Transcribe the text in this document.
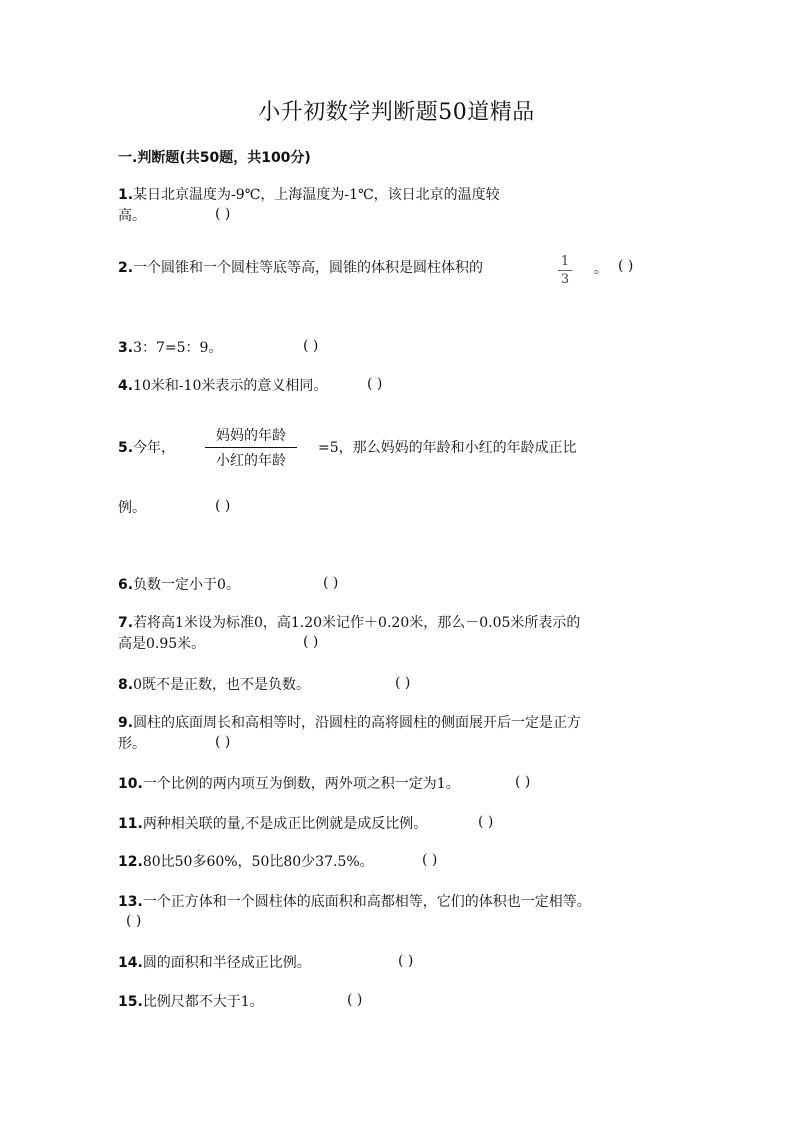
小升初数学判断题50道精品
一.判断题(共50题，共100分)
1.某日北京温度为-9℃，上海温度为-1℃，该日北京的温度较
高。	( )
2.一个圆锥和一个圆柱等底等高，圆锥的体积是圆柱体积的	1
3
。 ( )
3.3：7=5：9。	( )
4.10米和-10米表示的意义相同。	( )
5.今年，
妈妈的年龄
小红的年龄
=5，那么妈妈的年龄和小红的年龄成正比
例。	( )
6.负数一定小于0。	( )
7.若将高1米设为标准0，高1.20米记作＋0.20米，那么－0.05米所表示的
高是0.95米。	( )
8.0既不是正数，也不是负数。	( )
9.圆柱的底面周长和高相等时，沿圆柱的高将圆柱的侧面展开后一定是正方
形。	( )
10.一个比例的两内项互为倒数，两外项之积一定为1。	( )
11.两种相关联的量,不是成正比例就是成反比例。	( )
12.80比50多60%，50比80少37.5%。	( )
13.一个正方体和一个圆柱体的底面积和高都相等，它们的体积也一定相等。
( )
14.圆的面积和半径成正比例。	( )
15.比例尺都不大于1。	( )
